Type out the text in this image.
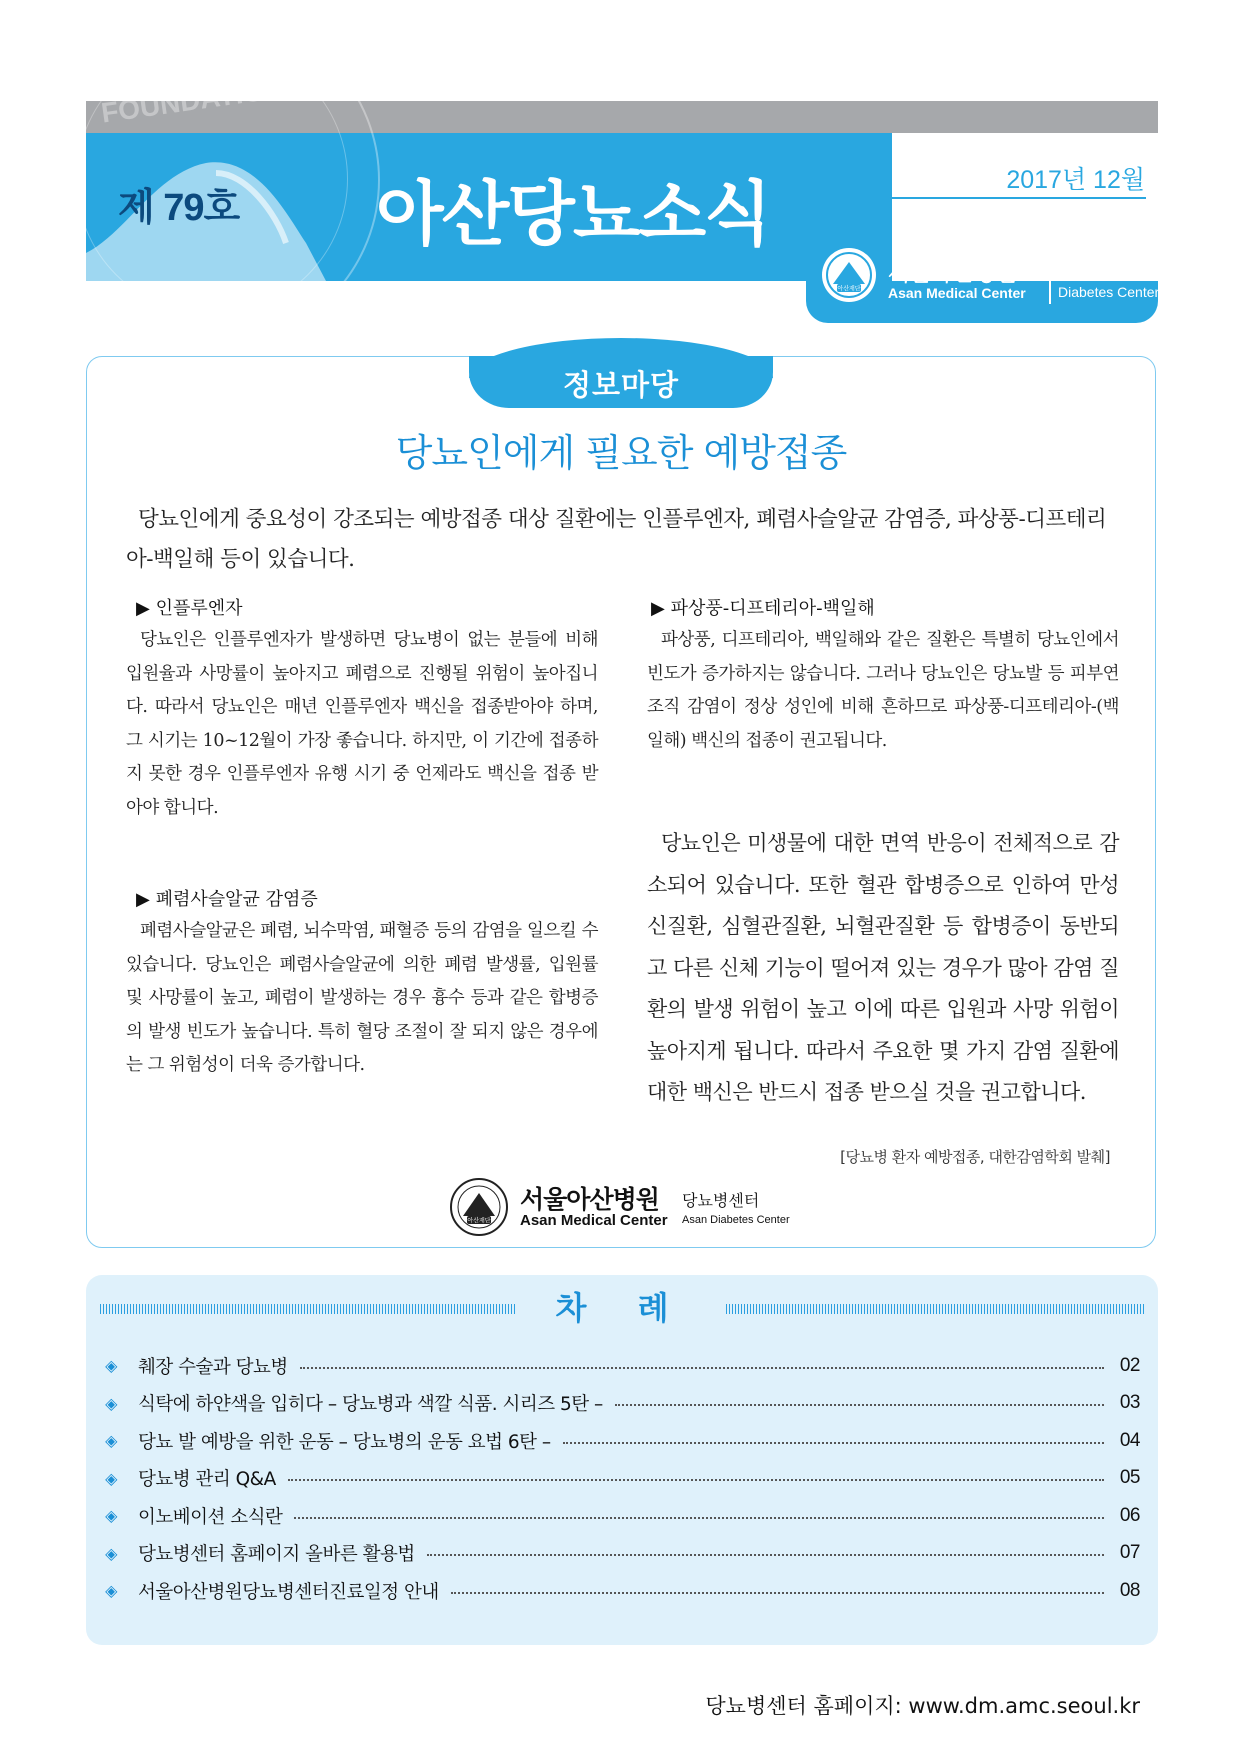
FOUNDATION
제 79호 아산당뇨소식	2017년 12월
아산재단
서울아산병원
Asan Medical Center
당뇨병센터
Diabetes Center
정보마당
당뇨인에게 필요한 예방접종
당뇨인에게 중요성이 강조되는 예방접종 대상 질환에는 인플루엔자, 폐렴사슬알균 감염증, 파상풍-디프테리아-백일해 등이 있습니다.
▶ 인플루엔자
당뇨인은 인플루엔자가 발생하면 당뇨병이 없는 분들에 비해 입원율과 사망률이 높아지고 폐렴으로 진행될 위험이 높아집니다. 따라서 당뇨인은 매년 인플루엔자 백신을 접종받아야 하며, 그 시기는 10~12월이 가장 좋습니다. 하지만, 이 기간에 접종하지 못한 경우 인플루엔자 유행 시기 중 언제라도 백신을 접종 받아야 합니다.
▶ 폐렴사슬알균 감염증
폐렴사슬알균은 폐렴, 뇌수막염, 패혈증 등의 감염을 일으킬 수 있습니다. 당뇨인은 폐렴사슬알균에 의한 폐렴 발생률, 입원률 및 사망률이 높고, 폐렴이 발생하는 경우 흉수 등과 같은 합병증의 발생 빈도가 높습니다. 특히 혈당 조절이 잘 되지 않은 경우에는 그 위험성이 더욱 증가합니다.
▶ 파상풍-디프테리아-백일해
파상풍, 디프테리아, 백일해와 같은 질환은 특별히 당뇨인에서 빈도가 증가하지는 않습니다. 그러나 당뇨인은 당뇨발 등 피부연조직 감염이 정상 성인에 비해 흔하므로 파상풍-디프테리아-(백일해) 백신의 접종이 권고됩니다.
당뇨인은 미생물에 대한 면역 반응이 전체적으로 감소되어 있습니다. 또한 혈관 합병증으로 인하여 만성 신질환, 심혈관질환, 뇌혈관질환 등 합병증이 동반되고 다른 신체 기능이 떨어져 있는 경우가 많아 감염 질환의 발생 위험이 높고 이에 따른 입원과 사망 위험이 높아지게 됩니다. 따라서 주요한 몇 가지 감염 질환에 대한 백신은 반드시 접종 받으실 것을 권고합니다.
[당뇨병 환자 예방접종, 대한감염학회 발췌]
아산재단
서울아산병원
Asan Medical Center
당뇨병센터
Asan Diabetes Center
차 례
◈ 췌장 수술과 당뇨병	02
◈ 식탁에 하얀색을 입히다 – 당뇨병과 색깔 식품. 시리즈 5탄 –	03
◈ 당뇨 발 예방을 위한 운동 – 당뇨병의 운동 요법 6탄 –	04
◈ 당뇨병 관리 Q&A	05
◈ 이노베이션 소식란	06
◈ 당뇨병센터 홈페이지 올바른 활용법	07
◈ 서울아산병원당뇨병센터진료일정 안내	08
당뇨병센터 홈페이지: www.dm.amc.seoul.kr
